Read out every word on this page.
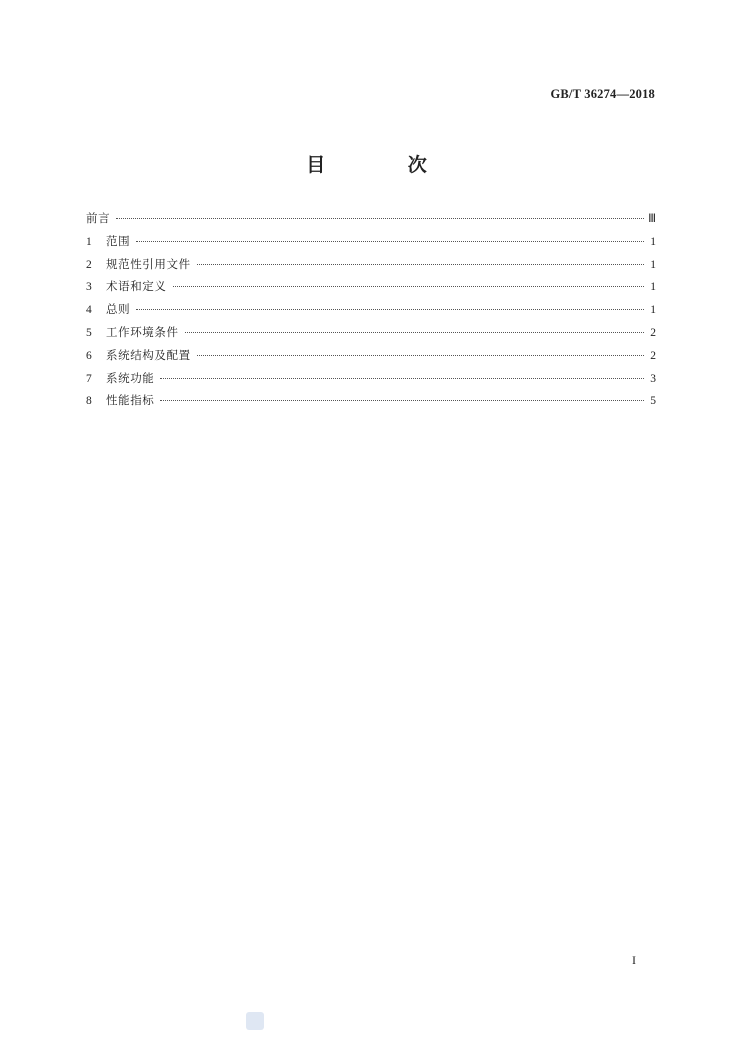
GB/T 36274—2018
目 次
前言	Ⅲ
1	范围	1
2	规范性引用文件	1
3	术语和定义	1
4	总则	1
5	工作环境条件	2
6	系统结构及配置	2
7	系统功能	3
8	性能指标	5
I
